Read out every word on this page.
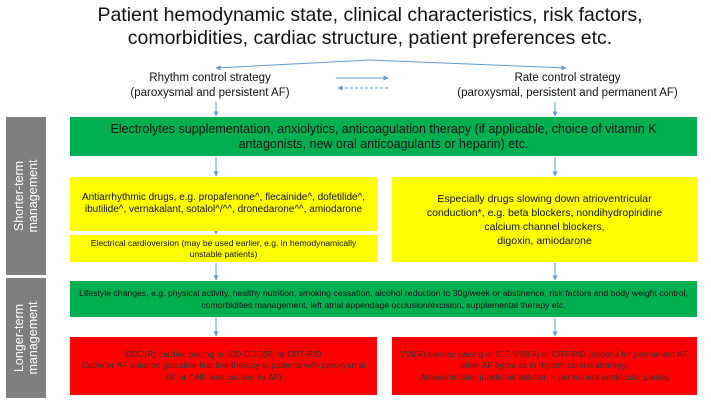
Patient hemodynamic state, clinical characteristics, risk factors, comorbidities, cardiac structure, patient preferences etc.
Rhythm control strategy
(paroxysmal and persistent AF)
Rate control strategy
(paroxysmal, persistent and permanent AF)
Shorter-term management
Longer-term management
Electrolytes supplementation, anxiolytics, anticoagulation therapy (if applicable, choice of vitamin K antagonists, new oral anticoagulants or heparin) etc.
Antiarrhythmic drugs, e.g. propafenone^, flecainide^, dofetilide^, ibutilide^, vernakalant, sotalol^/^^, dronedarone^^, amiodarone
Electrical cardioversion (may be used earlier, e.g. in hemodynamically unstable patients)
Especially drugs slowing down atrioventricular
conduction*, e.g. beta blockers, nondihydropiridine
calcium channel blockers,
digoxin, amiodarone
Lifestyle changes, e.g. physical activity, healthy nutrition, smoking cessation, alcohol reduction to 30g/week or abstinence, risk factors and body weight control, comorbidities management, left atrial appendage occlusion/excision, supplemental therapy etc.
DDD(R) cardiac pacing or ICD-DDD(R) or CRT-P/D
Catheter AF ablation (possible first line therapy in patients with paroxysmal AF or if HF was caused by AF)
VVI(R) cardiac pacing or ICD-VVI(R) or CRT-P/D (options for permanent AF, other AF types as in rhythm control strategy)
Atrioventricular junctional ablation + permanent ventricular pacing
